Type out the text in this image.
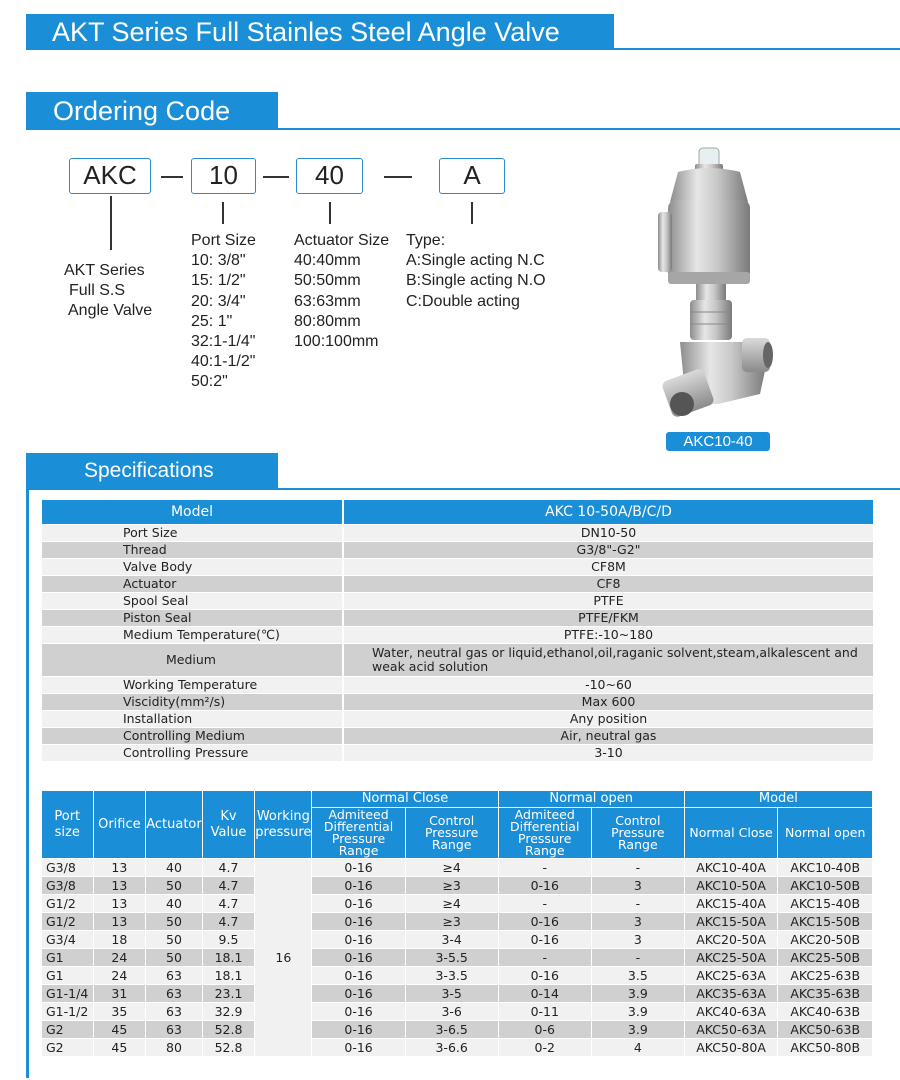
AKT Series Full Stainles Steel Angle Valve
Ordering Code
AKC	10	40	A
AKT Series
Full S.S
Angle Valve
Port Size
10: 3/8"
15: 1/2"
20: 3/4"
25: 1"
32:1-1/4"
40:1-1/2"
50:2"
Actuator Size
40:40mm
50:50mm
63:63mm
80:80mm
100:100mm
Type:
A:Single acting N.C
B:Single acting N.O
C:Double acting
AKC10-40
Specifications
Model	AKC 10-50A/B/C/D
Port Size	DN10-50
Thread	G3/8"-G2"
Valve Body	CF8M
Actuator	CF8
Spool Seal	PTFE
Piston Seal	PTFE/FKM
Medium Temperature(℃)	PTFE:-10~180
Medium	Water, neutral gas or liquid,ethanol,oil,raganic solvent,steam,alkalescent and weak acid solution
Working Temperature	-10~60
Viscidity(mm²/s)	Max 600
Installation	Any position
Controlling Medium	Air, neutral gas
Controlling Pressure	3-10
Port size	Orifice	Actuator	Kv Value	Working pressure	Normal Close		Normal open		Model	
					Admiteed Differential Pressure Range	Control Pressure Range	Admiteed Differential Pressure Range	Control Pressure Range	Normal Close	Normal open
G3/8	13	40	4.7	16	0-16	≥4	-	-	AKC10-40A	AKC10-40B
G3/8	13	50	4.7		0-16	≥3	0-16	3	AKC10-50A	AKC10-50B
G1/2	13	40	4.7		0-16	≥4	-	-	AKC15-40A	AKC15-40B
G1/2	13	50	4.7		0-16	≥3	0-16	3	AKC15-50A	AKC15-50B
G3/4	18	50	9.5		0-16	3-4	0-16	3	AKC20-50A	AKC20-50B
G1	24	50	18.1		0-16	3-5.5	-	-	AKC25-50A	AKC25-50B
G1	24	63	18.1		0-16	3-3.5	0-16	3.5	AKC25-63A	AKC25-63B
G1-1/4	31	63	23.1		0-16	3-5	0-14	3.9	AKC35-63A	AKC35-63B
G1-1/2	35	63	32.9		0-16	3-6	0-11	3.9	AKC40-63A	AKC40-63B
G2	45	63	52.8		0-16	3-6.5	0-6	3.9	AKC50-63A	AKC50-63B
G2	45	80	52.8		0-16	3-6.6	0-2	4	AKC50-80A	AKC50-80B
